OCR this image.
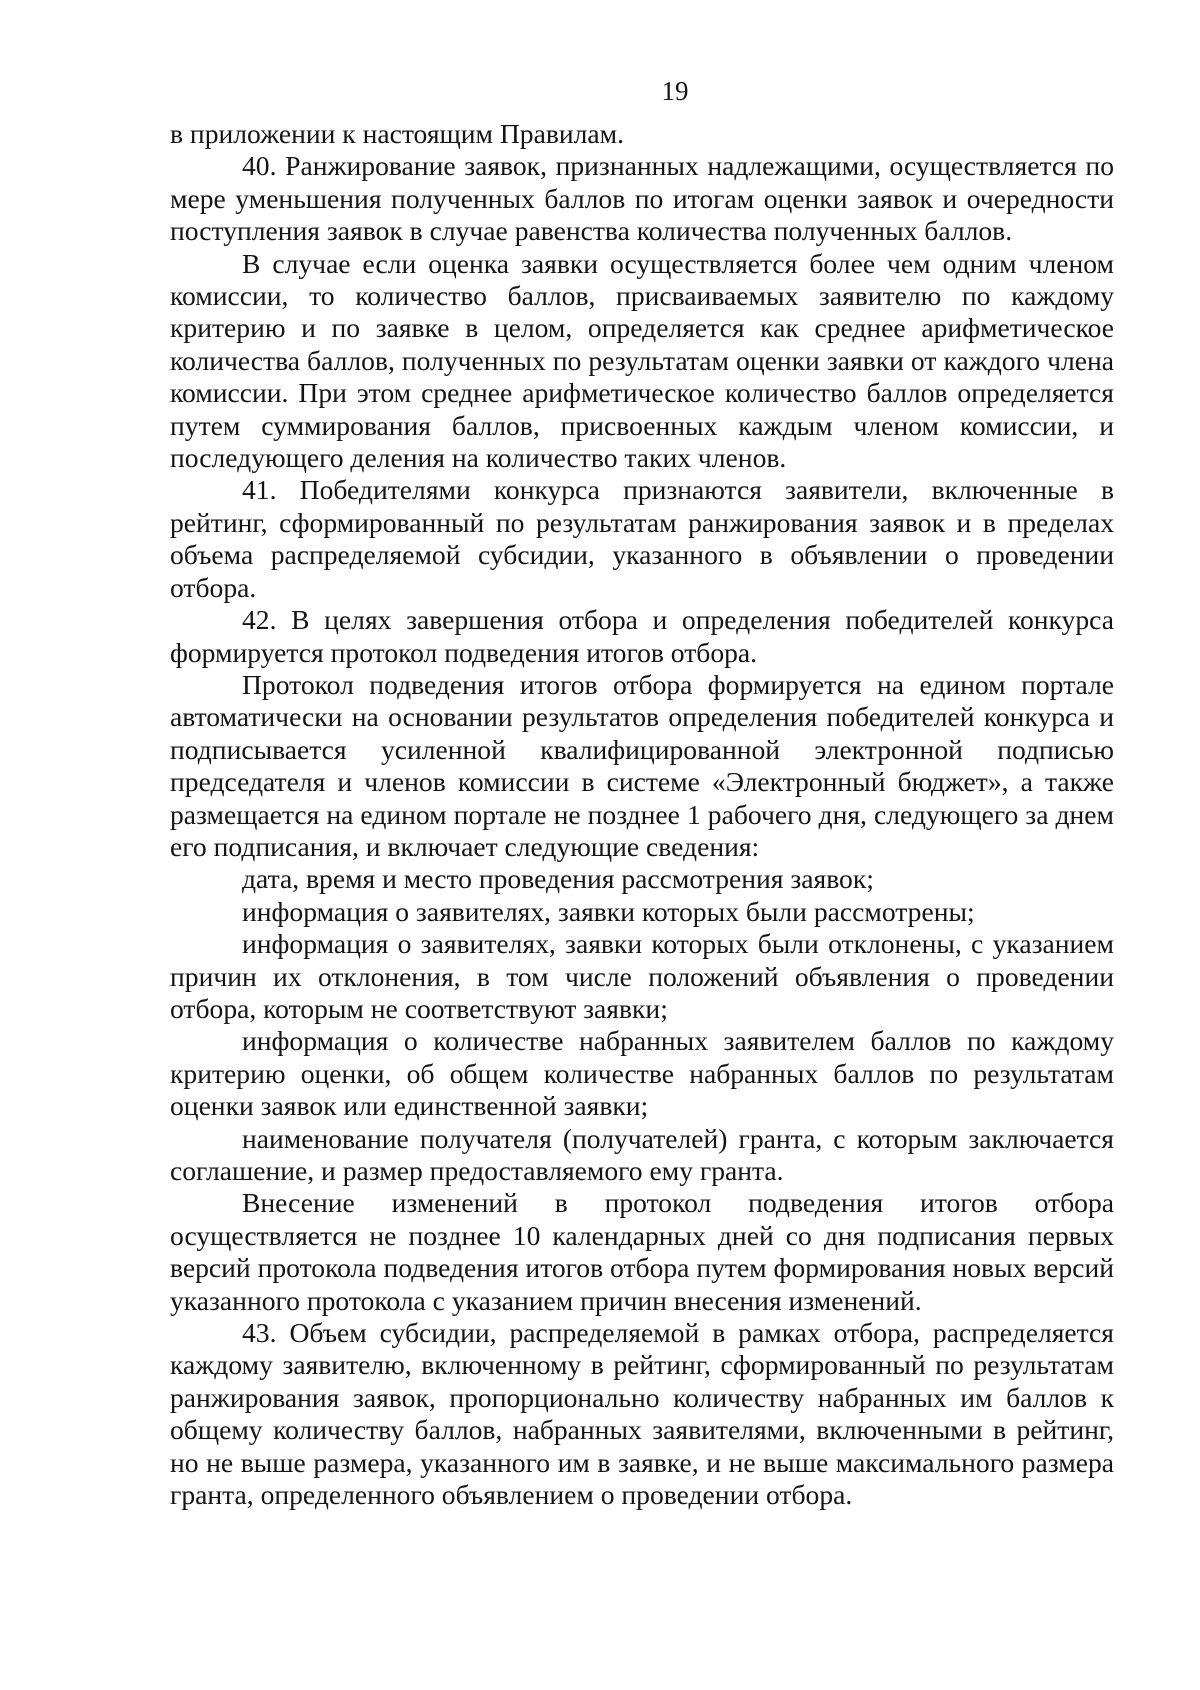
19

в приложении к настоящим Правилам.

40. Ранжирование заявок, признанных надлежащими, осуществляется по мере уменьшения полученных баллов по итогам оценки заявок и очередности поступления заявок в случае равенства количества полученных баллов.

В случае если оценка заявки осуществляется более чем одним членом комиссии, то количество баллов, присваиваемых заявителю по каждому критерию и по заявке в целом, определяется как среднее арифметическое количества баллов, полученных по результатам оценки заявки от каждого члена комиссии. При этом среднее арифметическое количество баллов определяется путем суммирования баллов, присвоенных каждым членом комиссии, и последующего деления на количество таких членов.

41. Победителями конкурса признаются заявители, включенные в рейтинг, сформированный по результатам ранжирования заявок и в пределах объема распределяемой субсидии, указанного в объявлении о проведении отбора.

42. В целях завершения отбора и определения победителей конкурса формируется протокол подведения итогов отбора.

Протокол подведения итогов отбора формируется на едином портале автоматически на основании результатов определения победителей конкурса и подписывается усиленной квалифицированной электронной подписью председателя и членов комиссии в системе «Электронный бюджет», а также размещается на едином портале не позднее 1 рабочего дня, следующего за днем его подписания, и включает следующие сведения:

дата, время и место проведения рассмотрения заявок;

информация о заявителях, заявки которых были рассмотрены;

информация о заявителях, заявки которых были отклонены, с указанием причин их отклонения, в том числе положений объявления о проведении отбора, которым не соответствуют заявки;

информация о количестве набранных заявителем баллов по каждому критерию оценки, об общем количестве набранных баллов по результатам оценки заявок или единственной заявки;

наименование получателя (получателей) гранта, с которым заключается соглашение, и размер предоставляемого ему гранта.

Внесение изменений в протокол подведения итогов отбора осуществляется не позднее 10 календарных дней со дня подписания первых версий протокола подведения итогов отбора путем формирования новых версий указанного протокола с указанием причин внесения изменений.

43. Объем субсидии, распределяемой в рамках отбора, распределяется каждому заявителю, включенному в рейтинг, сформированный по результатам ранжирования заявок, пропорционально количеству набранных им баллов к общему количеству баллов, набранных заявителями, включенными в рейтинг, но не выше размера, указанного им в заявке, и не выше максимального размера гранта, определенного объявлением о проведении отбора.
